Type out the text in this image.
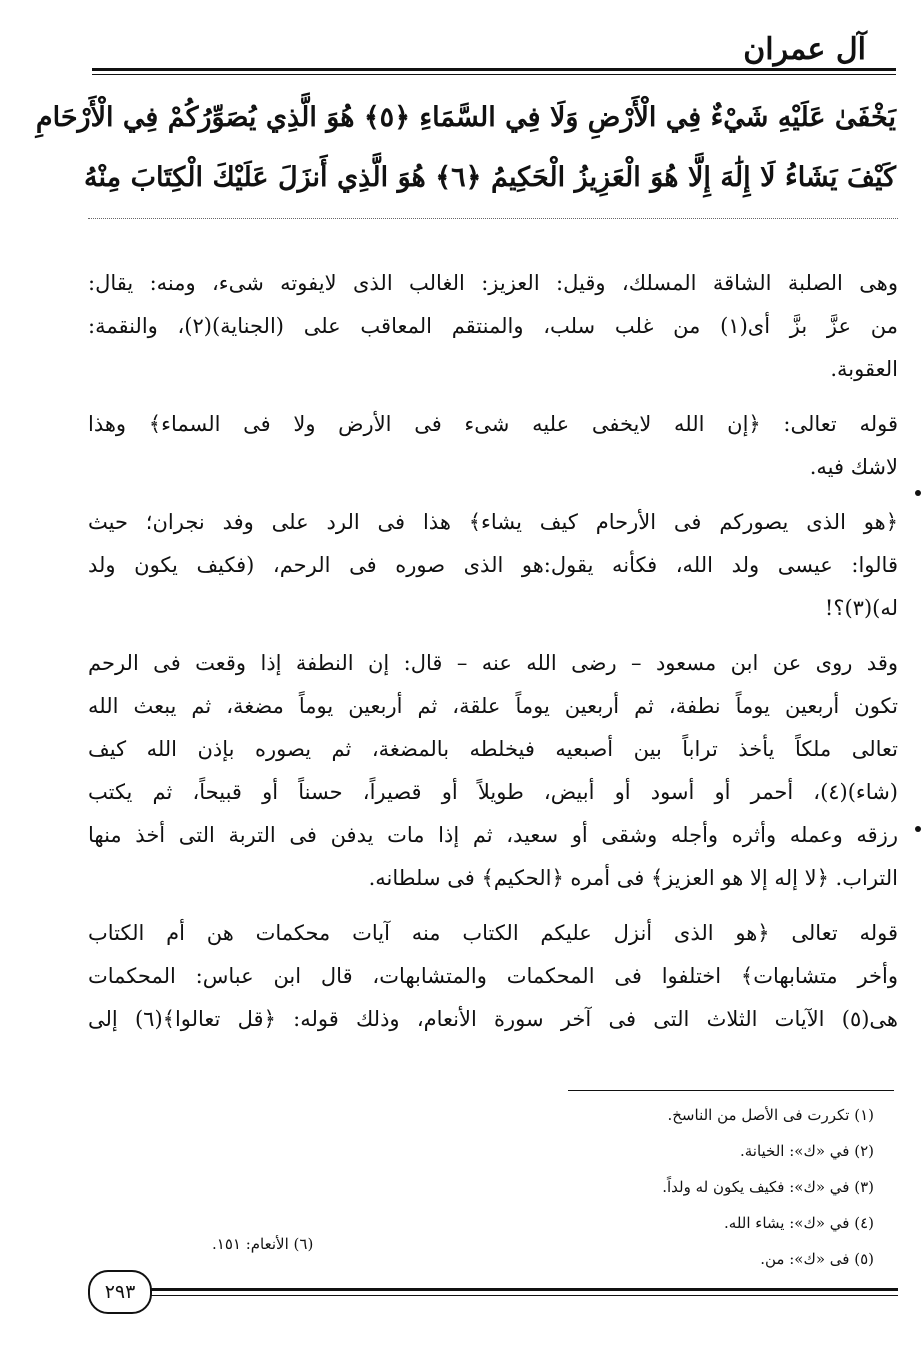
آل عمران
يَخْفَىٰ عَلَيْهِ شَيْءٌ فِي الْأَرْضِ وَلَا فِي السَّمَاءِ ﴿٥﴾ هُوَ الَّذِي يُصَوِّرُكُمْ فِي الْأَرْحَامِ
كَيْفَ يَشَاءُ لَا إِلَٰهَ إِلَّا هُوَ الْعَزِيزُ الْحَكِيمُ ﴿٦﴾ هُوَ الَّذِي أَنزَلَ عَلَيْكَ الْكِتَابَ مِنْهُ

وهى الصلبة الشاقة المسلك، وقيل: العزيز: الغالب الذى لايفوته شىء، ومنه: يقال:
من عزَّ بزَّ أى(١) من غلب سلب، والمنتقم المعاقب على (الجناية)(٢)، والنقمة:
العقوبة.

قوله تعالى: ﴿إن الله لايخفى عليه شىء فى الأرض ولا فى السماء﴾ وهذا
لاشك فيه.

﴿هو الذى يصوركم فى الأرحام كيف يشاء﴾ هذا فى الرد على وفد نجران؛ حيث
قالوا: عيسى ولد الله، فكأنه يقول:هو الذى صوره فى الرحم، (فكيف يكون ولد
له)(٣)؟!

وقد روى عن ابن مسعود – رضى الله عنه – قال: إن النطفة إذا وقعت فى الرحم
تكون أربعين يوماً نطفة، ثم أربعين يوماً علقة، ثم أربعين يوماً مضغة، ثم يبعث الله
تعالى ملكاً يأخذ تراباً بين أصبعيه فيخلطه بالمضغة، ثم يصوره بإذن الله كيف
(شاء)(٤)، أحمر أو أسود أو أبيض، طويلاً أو قصيراً، حسناً أو قبيحاً، ثم يكتب
رزقه وعمله وأثره وأجله وشقى أو سعيد، ثم إذا مات يدفن فى التربة التى أخذ منها
التراب. ﴿لا إله إلا هو العزيز﴾ فى أمره ﴿الحكيم﴾ فى سلطانه.

قوله تعالى ﴿هو الذى أنزل عليكم الكتاب منه آيات محكمات هن أم الكتاب
وأخر متشابهات﴾ اختلفوا فى المحكمات والمتشابهات، قال ابن عباس: المحكمات
هى(٥) الآيات الثلاث التى فى آخر سورة الأنعام، وذلك قوله: ﴿قل تعالوا﴾(٦) إلى

(١) تكررت فى الأصل من الناسخ.
(٢) في «ك»: الخيانة.
(٣) في «ك»: فكيف يكون له ولداً.
(٤) في «ك»: يشاء الله.
(٥) فى «ك»: من.
(٦) الأنعام: ١٥١.
٢٩٣
